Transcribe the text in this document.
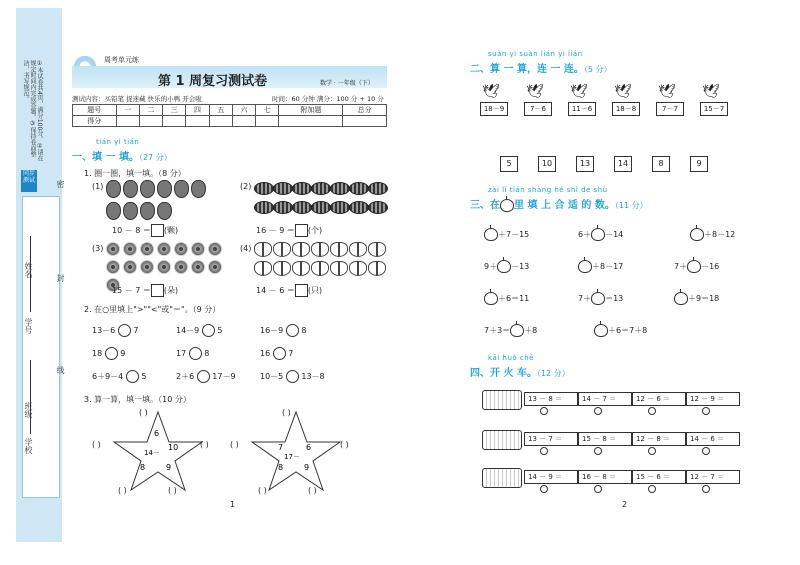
①本试卷共4页，满分100分。②请在规定时间内完成答题。③保持卷面整洁，书写规范。
同步测试
学校
班级
学号
姓名
密
封
线
周考单元练
第 1 周复习测试卷	数学 · 一年级（下）
测试内容：买铅笔 捉迷藏 快乐的小鸭 开会啦	时间：60 分钟 满分：100 分 + 10 分
题号	一	二	三	四	五	六	七	附加题	总分
得分									
tián yi tián
一、填 一 填。（27 分）
1. 圈一圈，填一填。（8 分）
(1)
10 － 8 ＝ (颗)
(2)
16 － 9 ＝ (个)
(3)
15 － 7 ＝ (朵)
(4)
14 － 6 ＝ (只)
2. 在○里填上">""<"或"＝"。（9 分）
13－6 7	14－9 5	16－9 8
18 9	17 8	16 7
6＋9－4 5	2＋6 17－9	10－5 13－8
3. 算一算，填一填。（10 分）
6
10
14－
8	9
( )
( )	( )
( )	( )
7
17－
6
8	9
( )
( )	( )
( )	( )
1
suàn yi suàn lián yi lián
二、算 一 算，连 一 连。（5 分）
🕊 🕊 🕊 🕊 🕊 🕊
18－9	7－6	11－6	18－8	7－7	15－7
5	10	13	14	8	9
zài lǐ tián shàng hé shì de shù
三、在 里 填 上 合 适 的 数。（11 分）
＋7－15	6＋ －14	＋8－12
9＋ －13	＋8－17	7＋ －16
＋6＝11	7＋ ＝13	＋9＝18
7＋3＝ ＋8	＋6＝7＋8
kāi huǒ chē
四、开 火 车。（12 分）
13 － 8 ＝	14 － 7 ＝	12 － 6 ＝	12 － 9 ＝
13 － 7 ＝	15 － 8 ＝	12 － 8 ＝	14 － 6 ＝
14 － 9 ＝	16 － 8 ＝	15 － 6 ＝	12 － 7 ＝
2
